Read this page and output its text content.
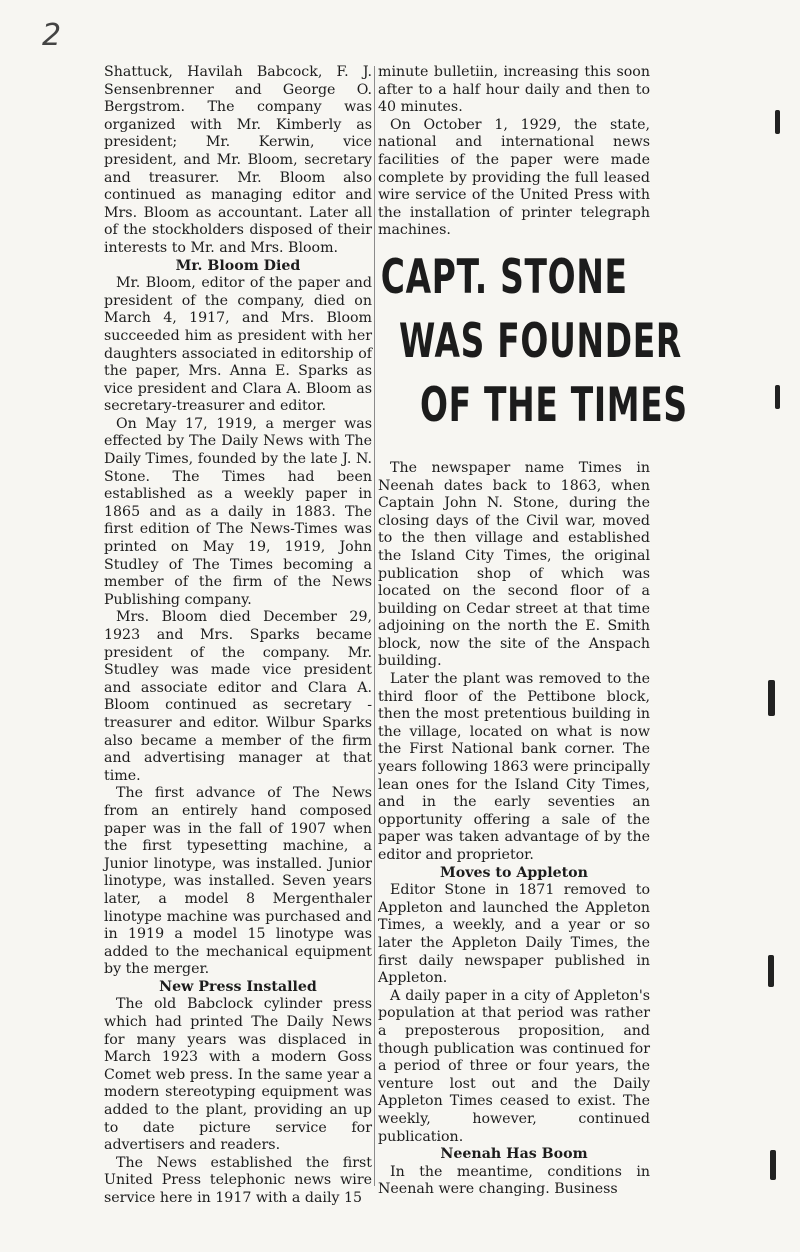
2

Shattuck, Havilah Babcock, F. J. Sensenbrenner and George O. Bergstrom. The company was organized with Mr. Kimberly as president; Mr. Kerwin, vice president, and Mr. Bloom, secretary and treasurer. Mr. Bloom also continued as managing editor and Mrs. Bloom as accountant. Later all of the stockholders disposed of their interests to Mr. and Mrs. Bloom.

Mr. Bloom Died

Mr. Bloom, editor of the paper and president of the company, died on March 4, 1917, and Mrs. Bloom succeeded him as president with her daughters associated in editorship of the paper, Mrs. Anna E. Sparks as vice president and Clara A. Bloom as secretary-treasurer and editor.

On May 17, 1919, a merger was effected by The Daily News with The Daily Times, founded by the late J. N. Stone. The Times had been established as a weekly paper in 1865 and as a daily in 1883. The first edition of The News-Times was printed on May 19, 1919, John Studley of The Times becoming a member of the firm of the News Publishing company.

Mrs. Bloom died December 29, 1923 and Mrs. Sparks became president of the company. Mr. Studley was made vice president and associate editor and Clara A. Bloom continued as secretary - treasurer and editor. Wilbur Sparks also became a member of the firm and advertising manager at that time.

The first advance of The News from an entirely hand composed paper was in the fall of 1907 when the first typesetting machine, a Junior linotype, was installed. Junior linotype, was installed. Seven years later, a model 8 Mergenthaler linotype machine was purchased and in 1919 a model 15 linotype was added to the mechanical equipment by the merger.

New Press Installed

The old Babclock cylinder press which had printed The Daily News for many years was displaced in March 1923 with a modern Goss Comet web press. In the same year a modern stereotyping equipment was added to the plant, providing an up to date picture service for advertisers and readers.

The News established the first United Press telephonic news wire service here in 1917 with a daily 15

minute bulletiin, increasing this soon after to a half hour daily and then to 40 minutes.

On October 1, 1929, the state, national and international news facilities of the paper were made complete by providing the full leased wire service of the United Press with the installation of printer telegraph machines.

CAPT. STONE
WAS FOUNDER
OF THE TIMES

The newspaper name Times in Neenah dates back to 1863, when Captain John N. Stone, during the closing days of the Civil war, moved to the then village and established the Island City Times, the original publication shop of which was located on the second floor of a building on Cedar street at that time adjoining on the north the E. Smith block, now the site of the Anspach building.

Later the plant was removed to the third floor of the Pettibone block, then the most pretentious building in the village, located on what is now the First National bank corner. The years following 1863 were principally lean ones for the Island City Times, and in the early seventies an opportunity offering a sale of the paper was taken advantage of by the editor and proprietor.

Moves to Appleton

Editor Stone in 1871 removed to Appleton and launched the Appleton Times, a weekly, and a year or so later the Appleton Daily Times, the first daily newspaper published in Appleton.

A daily paper in a city of Appleton's population at that period was rather a preposterous proposition, and though publication was continued for a period of three or four years, the venture lost out and the Daily Appleton Times ceased to exist. The weekly, however, continued publication.

Neenah Has Boom

In the meantime, conditions in Neenah were changing. Business
